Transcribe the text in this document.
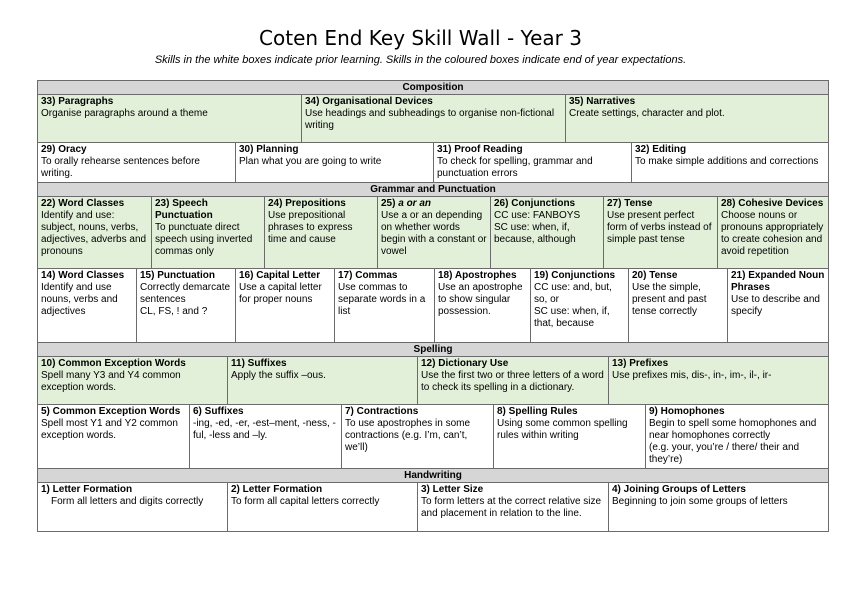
Coten End Key Skill Wall - Year 3
Skills in the white boxes indicate prior learning. Skills in the coloured boxes indicate end of year expectations.
Composition
33) Paragraphs
Organise paragraphs around a theme
34) Organisational Devices
Use headings and subheadings to organise non-fictional writing
35) Narratives
Create settings, character and plot.
29) Oracy
To orally rehearse sentences before writing.
30) Planning
Plan what you are going to write
31) Proof Reading
To check for spelling, grammar and punctuation errors
32) Editing
To make simple additions and corrections
Grammar and Punctuation
22) Word Classes
Identify and use: subject, nouns, verbs, adjectives, adverbs and pronouns
23) Speech Punctuation
To punctuate direct speech using inverted commas only
24) Prepositions
Use prepositional phrases to express time and cause
25) a or an
Use a or an depending on whether words begin with a constant or vowel
26) Conjunctions
CC use: FANBOYS
SC use: when, if, because, although
27) Tense
Use present perfect form of verbs instead of simple past tense
28) Cohesive Devices
Choose nouns or pronouns appropriately to create cohesion and avoid repetition
14) Word Classes
Identify and use nouns, verbs and adjectives
15) Punctuation
Correctly demarcate sentences
CL, FS, ! and ?
16) Capital Letter
Use a capital letter for proper nouns
17) Commas
Use commas to separate words in a list
18) Apostrophes
Use an apostrophe to show singular possession.
19) Conjunctions
CC use: and, but, so, or
SC use: when, if, that, because
20) Tense
Use the simple, present and past tense correctly
21) Expanded Noun Phrases
Use to describe and specify
Spelling
10) Common Exception Words
Spell many Y3 and Y4 common exception words.
11) Suffixes
Apply the suffix –ous.
12) Dictionary Use
Use the first two or three letters of a word to check its spelling in a dictionary.
13) Prefixes
Use prefixes mis, dis-, in-, im-, il-, ir-
5) Common Exception Words
Spell most Y1 and Y2 common exception words.
6) Suffixes
-ing, -ed, -er, -est–ment, -ness, -ful, -less and –ly.
7) Contractions
To use apostrophes in some contractions (e.g. I’m, can’t, we’ll)
8) Spelling Rules
Using some common spelling rules within writing
9) Homophones
Begin to spell some homophones and near homophones correctly
(e.g. your, you’re / there/ their and they’re)
Handwriting
1) Letter Formation
Form all letters and digits correctly
2) Letter Formation
To form all capital letters correctly
3) Letter Size
To form letters at the correct relative size and placement in relation to the line.
4) Joining Groups of Letters
Beginning to join some groups of letters
